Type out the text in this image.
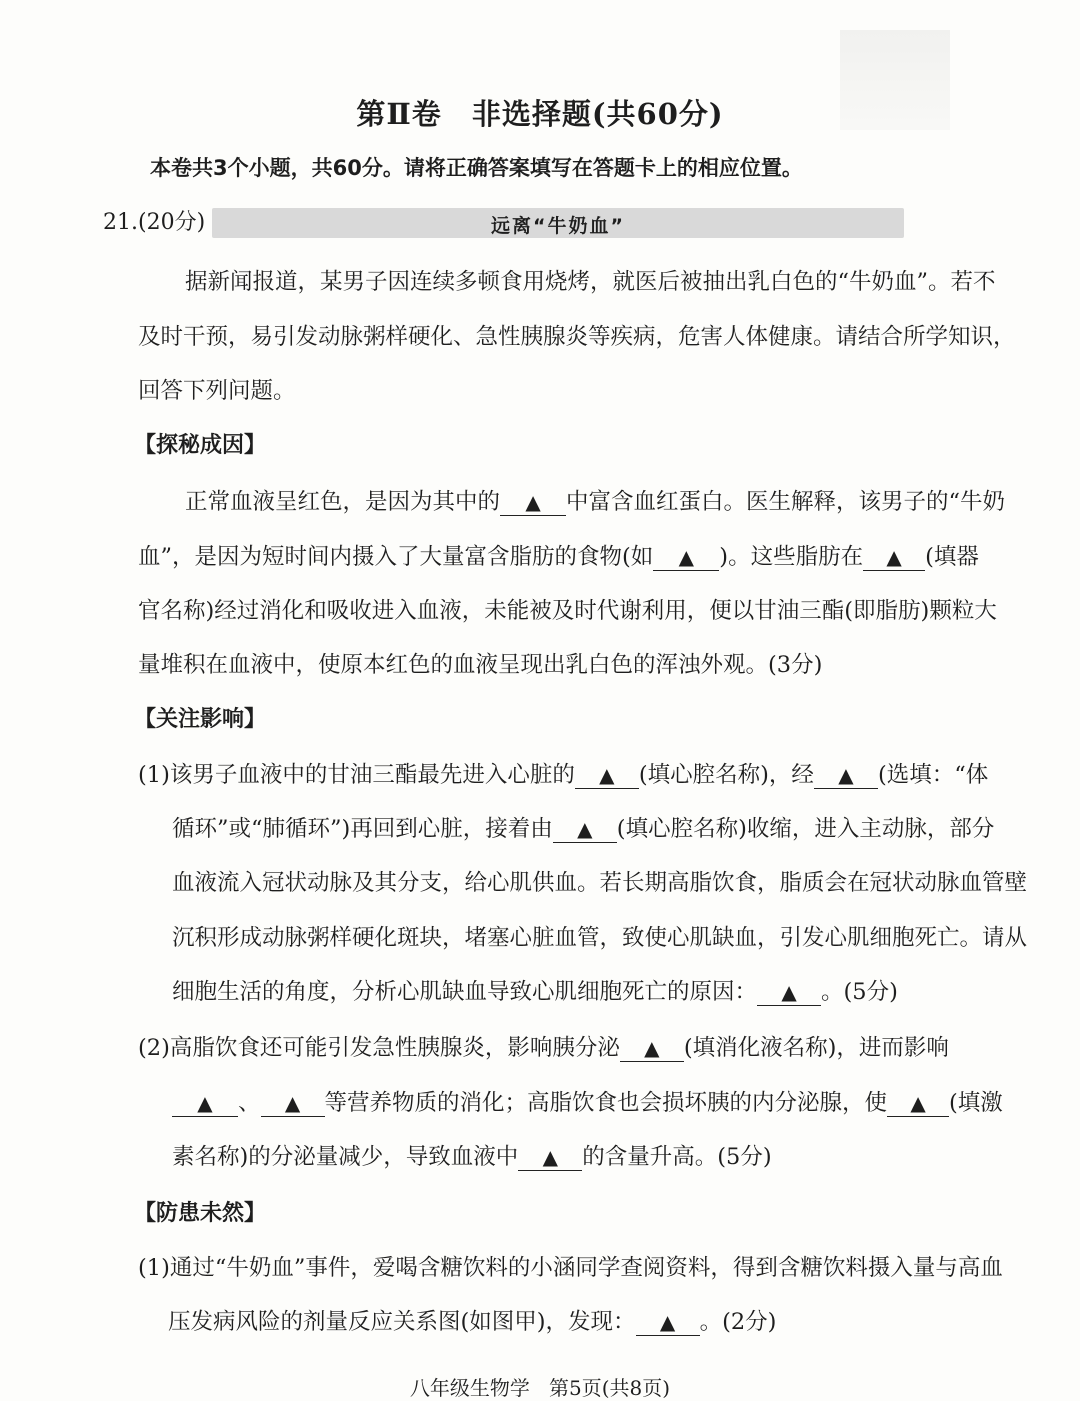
第Ⅱ卷 非选择题(共60分)
本卷共3个小题，共60分。请将正确答案填写在答题卡上的相应位置。
21.(20分)	远离“牛奶血”
据新闻报道，某男子因连续多顿食用烧烤，就医后被抽出乳白色的“牛奶血”。若不
及时干预，易引发动脉粥样硬化、急性胰腺炎等疾病，危害人体健康。请结合所学知识，
回答下列问题。
【探秘成因】
正常血液呈红色，是因为其中的 ▲ 中富含血红蛋白。医生解释，该男子的“牛奶
血”，是因为短时间内摄入了大量富含脂肪的食物(如 ▲ )。这些脂肪在 ▲ (填器
官名称)经过消化和吸收进入血液，未能被及时代谢利用，便以甘油三酯(即脂肪)颗粒大
量堆积在血液中，使原本红色的血液呈现出乳白色的浑浊外观。(3分)
【关注影响】
(1)该男子血液中的甘油三酯最先进入心脏的 ▲ (填心腔名称)，经 ▲ (选填：“体
循环”或“肺循环”)再回到心脏，接着由 ▲ (填心腔名称)收缩，进入主动脉，部分
血液流入冠状动脉及其分支，给心肌供血。若长期高脂饮食，脂质会在冠状动脉血管壁
沉积形成动脉粥样硬化斑块，堵塞心脏血管，致使心肌缺血，引发心肌细胞死亡。请从
细胞生活的角度，分析心肌缺血导致心肌细胞死亡的原因： ▲ 。(5分)
(2)高脂饮食还可能引发急性胰腺炎，影响胰分泌 ▲ (填消化液名称)，进而影响
▲ 、 ▲ 等营养物质的消化；高脂饮食也会损坏胰的内分泌腺，使 ▲ (填激
素名称)的分泌量减少，导致血液中 ▲ 的含量升高。(5分)
【防患未然】
(1)通过“牛奶血”事件，爱喝含糖饮料的小涵同学查阅资料，得到含糖饮料摄入量与高血
压发病风险的剂量反应关系图(如图甲)，发现： ▲ 。(2分)
八年级生物学   第5页(共8页)
